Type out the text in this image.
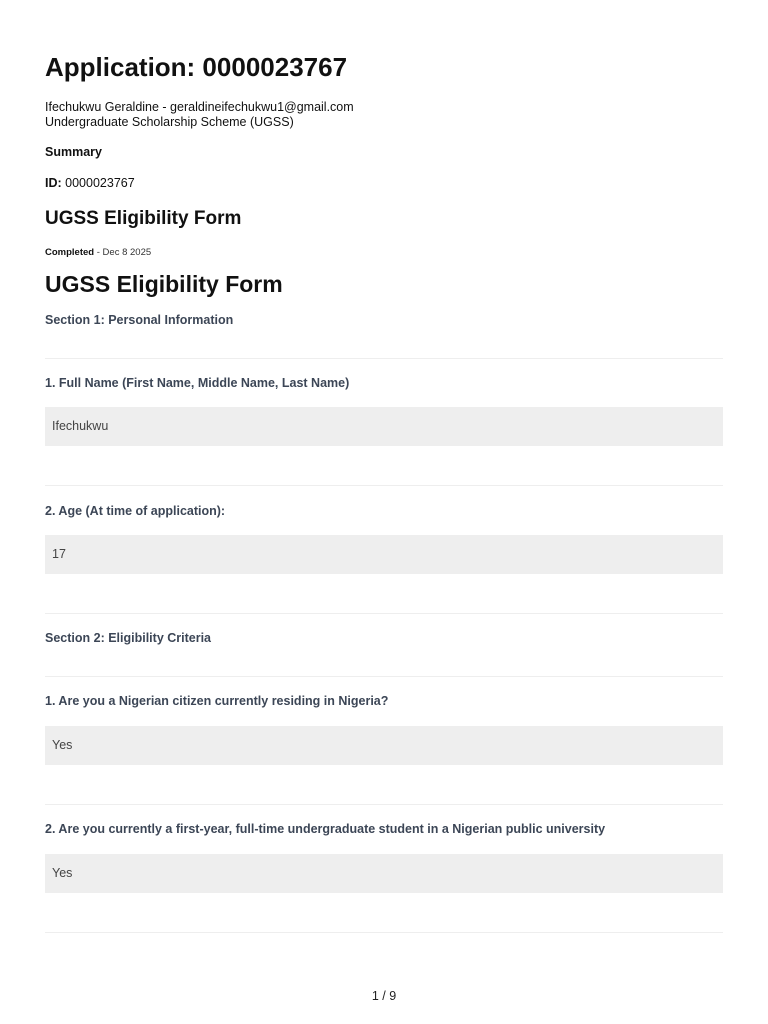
Application: 0000023767
Ifechukwu Geraldine - geraldineifechukwu1@gmail.com
Undergraduate Scholarship Scheme (UGSS)
Summary
ID: 0000023767
UGSS Eligibility Form
Completed - Dec 8 2025
UGSS Eligibility Form
Section 1: Personal Information
1. Full Name (First Name, Middle Name, Last Name)
Ifechukwu
2. Age (At time of application):
17
Section 2: Eligibility Criteria
1. Are you a Nigerian citizen currently residing in Nigeria?
Yes
2. Are you currently a first-year, full-time undergraduate student in a Nigerian public university
Yes
1 / 9
